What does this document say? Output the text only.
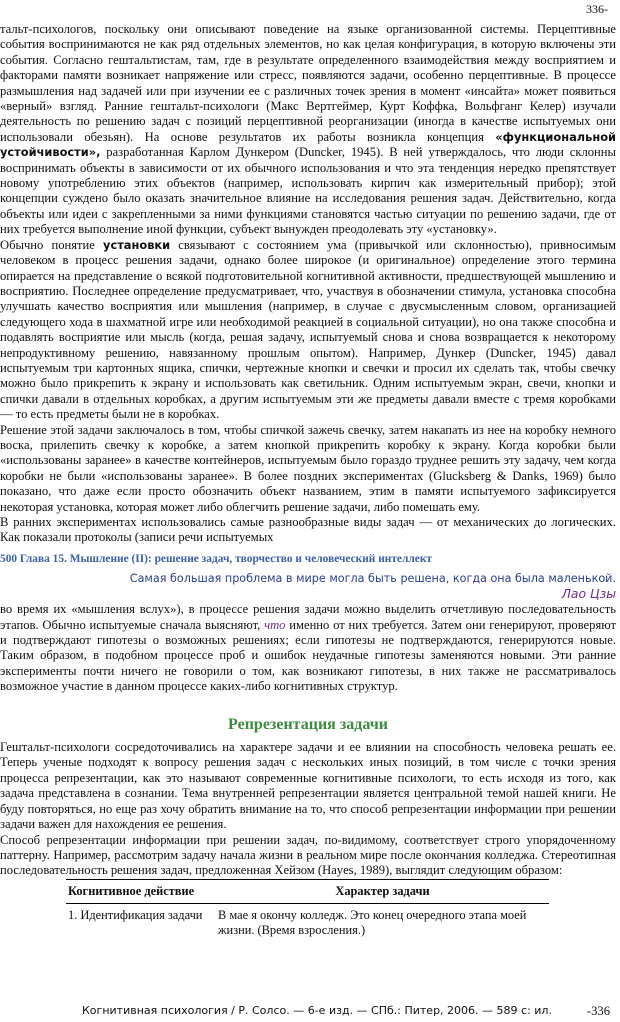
336-

тальт-психологов, поскольку они описывают поведение на языке организованной системы. Перцептивные события воспринимаются не как ряд отдельных элементов, но как целая конфигурация, в которую включены эти события. Согласно гештальтистам, там, где в результате определенного взаимодействия между восприятием и факторами памяти возникает напряжение или стресс, появляются задачи, особенно перцептивные. В процессе размышления над задачей или при изучении ее с различных точек зрения в момент «инсайта» может появиться «верный» взгляд. Ранние гештальт-психологи (Макс Вертгеймер, Курт Коффка, Вольфганг Келер) изучали деятельность по решению задач с позиций перцептивной реорганизации (иногда в качестве испытуемых они использовали обезьян). На основе результатов их работы возникла концепция «функциональной устойчивости», разработанная Карлом Дункером (Duncker, 1945). В ней утверждалось, что люди склонны воспринимать объекты в зависимости от их обычного использования и что эта тенденция нередко препятствует новому употреблению этих объектов (например, использовать кирпич как измерительный прибор); этой концепции суждено было оказать значительное влияние на исследования решения задач. Действительно, когда объекты или идеи с закрепленными за ними функциями становятся частью ситуации по решению задачи, где от них требуется выполнение иной функции, субъект вынужден преодолевать эту «установку».

Обычно понятие установки связывают с состоянием ума (привычкой или склонностью), привносимым человеком в процесс решения задачи, однако более широкое (и оригинальное) определение этого термина опирается на представление о всякой подготовительной когнитивной активности, предшествующей мышлению и восприятию. Последнее определение предусматривает, что, участвуя в обозначении стимула, установка способна улучшать качество восприятия или мышления (например, в случае с двусмысленным словом, организацией следующего хода в шахматной игре или необходимой реакцией в социальной ситуации), но она также способна и подавлять восприятие или мысль (когда, решая задачу, испытуемый снова и снова возвращается к некоторому непродуктивному решению, навязанному прошлым опытом). Например, Дункер (Duncker, 1945) давал испытуемым три картонных ящика, спички, чертежные кнопки и свечки и просил их сделать так, чтобы свечку можно было прикрепить к экрану и использовать как светильник. Одним испытуемым экран, свечи, кнопки и спички давали в отдельных коробках, а другим испытуемым эти же предметы давали вместе с тремя коробками — то есть предметы были не в коробках.

Решение этой задачи заключалось в том, чтобы спичкой зажечь свечку, затем накапать из нее на коробку немного воска, прилепить свечку к коробке, а затем кнопкой прикрепить коробку к экрану. Когда коробки были «использованы заранее» в качестве контейнеров, испытуемым было гораздо труднее решить эту задачу, чем когда коробки не были «использованы заранее». В более поздних экспериментах (Glucksberg & Danks, 1969) было показано, что даже если просто обозначить объект названием, этим в памяти испытуемого зафиксируется некоторая установка, которая может либо облегчить решение задачи, либо помешать ему.

В ранних экспериментах использовались самые разнообразные виды задач — от механических до логических. Как показали протоколы (записи речи испытуемых

500 Глава 15. Мышление (II): решение задач, творчество и человеческий интеллект
Самая большая проблема в мире могла быть решена, когда она была маленькой.
Лао Цзы

во время их «мышления вслух»), в процессе решения задачи можно выделить отчетливую последовательность этапов. Обычно испытуемые сначала выясняют, что именно от них требуется. Затем они генерируют, проверяют и подтверждают гипотезы о возможных решениях; если гипотезы не подтверждаются, генерируются новые. Таким образом, в подобном процессе проб и ошибок неудачные гипотезы заменяются новыми. Эти ранние эксперименты почти ничего не говорили о том, как возникают гипотезы, в них также не рассматривалось возможное участие в данном процессе каких-либо когнитивных структур.

Репрезентация задачи

Гештальт-психологи сосредоточивались на характере задачи и ее влиянии на способность человека решать ее. Теперь ученые подходят к вопросу решения задач с нескольких иных позиций, в том числе с точки зрения процесса репрезентации, как это называют современные когнитивные психологи, то есть исходя из того, как задача представлена в сознании. Тема внутренней репрезентации является центральной темой нашей книги. Не буду повторяться, но еще раз хочу обратить внимание на то, что способ репрезентации информации при решении задачи важен для нахождения ее решения.

Способ репрезентации информации при решении задач, по-видимому, соответствует строго упорядоченному паттерну. Например, рассмотрим задачу начала жизни в реальном мире после окончания колледжа. Стереотипная последовательность решения задач, предложенная Хейзом (Hayes, 1989), выглядит следующим образом:

Когнитивное действие	Характер задачи
1. Идентификация задачи	В мае я окончу колледж. Это конец очередного этапа моей жизни. (Время взросления.)
Когнитивная психология / Р. Солсо. — 6-е изд. — СПб.: Питер, 2006. — 589 с: ил.	-336
